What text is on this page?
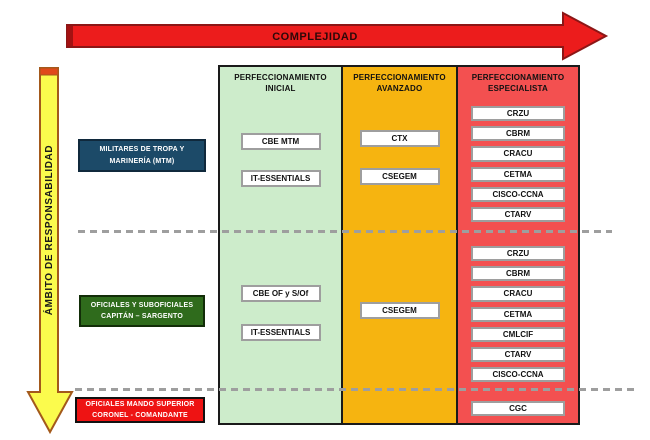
COMPLEJIDAD
ÁMBITO DE RESPONSABILIDAD
PERFECCIONAMIENTO INICIAL
CBE MTM
IT-ESSENTIALS
CBE OF y S/Of
IT-ESSENTIALS
PERFECCIONAMIENTO AVANZADO
CTX
CSEGEM
CSEGEM
PERFECCIONAMIENTO ESPECIALISTA
CRZU
CBRM
CRACU
CETMA
CISCO-CCNA
CTARV
CRZU
CBRM
CRACU
CETMA
CMLCIF
CTARV
CISCO-CCNA
CGC
MILITARES DE TROPA Y
MARINERÍA (MTM)
OFICIALES Y SUBOFICIALES
CAPITÁN – SARGENTO
OFICIALES MANDO SUPERIOR
CORONEL - COMANDANTE
